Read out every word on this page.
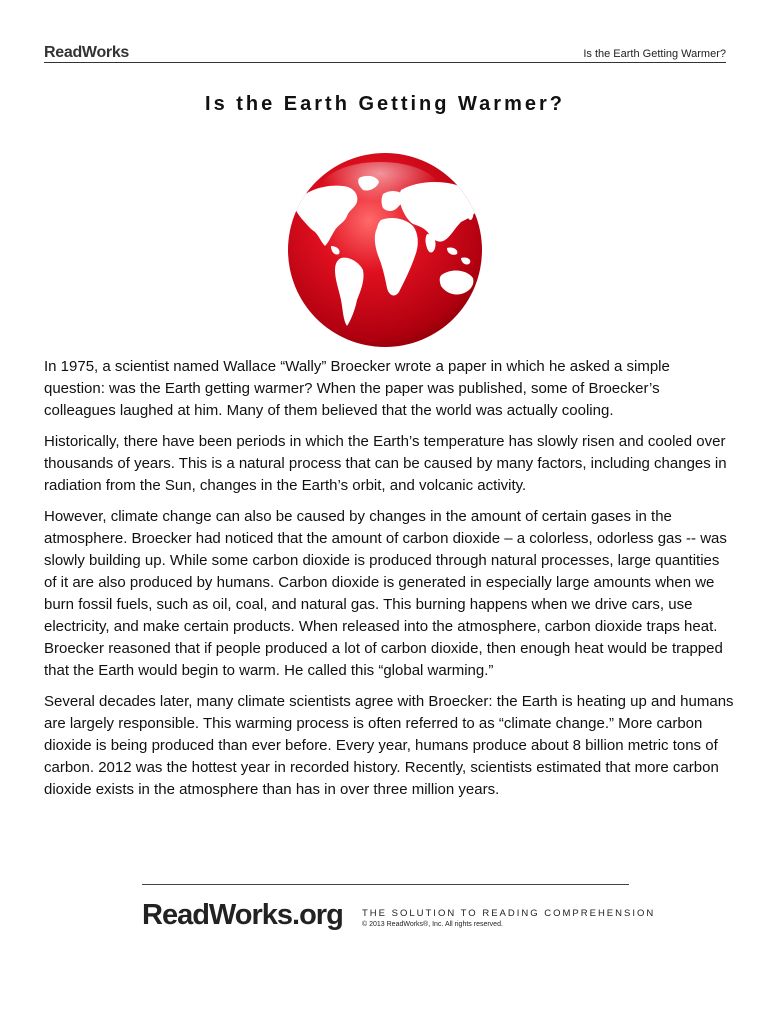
ReadWorks	Is the Earth Getting Warmer?
Is the Earth Getting Warmer?

In 1975, a scientist named Wallace “Wally” Broecker wrote a paper in which he asked a simple question: was the Earth getting warmer? When the paper was published, some of Broecker’s colleagues laughed at him. Many of them believed that the world was actually cooling.

Historically, there have been periods in which the Earth’s temperature has slowly risen and cooled over thousands of years. This is a natural process that can be caused by many factors, including changes in radiation from the Sun, changes in the Earth’s orbit, and volcanic activity.

However, climate change can also be caused by changes in the amount of certain gases in the atmosphere. Broecker had noticed that the amount of carbon dioxide – a colorless, odorless gas -- was slowly building up. While some carbon dioxide is produced through natural processes, large quantities of it are also produced by humans. Carbon dioxide is generated in especially large amounts when we burn fossil fuels, such as oil, coal, and natural gas. This burning happens when we drive cars, use electricity, and make certain products. When released into the atmosphere, carbon dioxide traps heat. Broecker reasoned that if people produced a lot of carbon dioxide, then enough heat would be trapped that the Earth would begin to warm. He called this “global warming.”

Several decades later, many climate scientists agree with Broecker: the Earth is heating up and humans are largely responsible. This warming process is often referred to as “climate change.” More carbon dioxide is being produced than ever before. Every year, humans produce about 8 billion metric tons of carbon. 2012 was the hottest year in recorded history. Recently, scientists estimated that more carbon dioxide exists in the atmosphere than has in over three million years.

ReadWorks.org THE SOLUTION TO READING COMPREHENSION
© 2013 ReadWorks®, Inc. All rights reserved.
